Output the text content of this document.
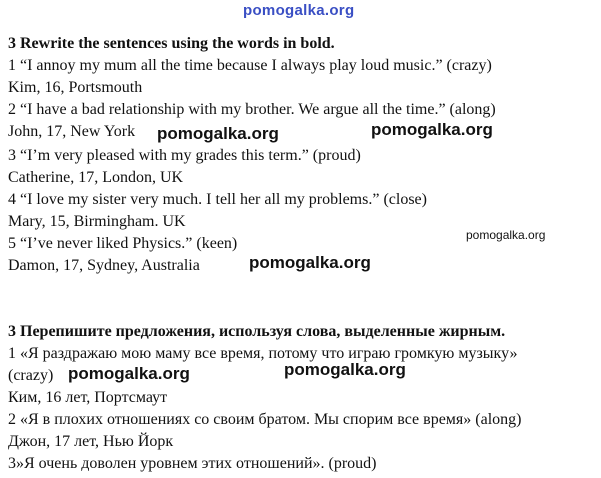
pomogalka.org
3 Rewrite the sentences using the words in bold.
1 “I annoy my mum all the time because I always play loud music.” (crazy)
Kim, 16, Portsmouth
2 “I have a bad relationship with my brother. We argue all the time.” (along)
John, 17, New York
3 “I’m very pleased with my grades this term.” (proud)
Catherine, 17, London, UK
4 “I love my sister very much. I tell her all my problems.” (close)
Mary, 15, Birmingham. UK
5 “I’ve never liked Physics.” (keen)
Damon, 17, Sydney, Australia
pomogalka.org	pomogalka.org
pomogalka.org
pomogalka.org
3 Перепишите предложения, используя слова, выделенные жирным.
1 «Я раздражаю мою маму все время, потому что играю громкую музыку»
(crazy)
Ким, 16 лет, Портсмаут
2 «Я в плохих отношениях со своим братом. Мы спорим все время» (along)
Джон, 17 лет, Нью Йорк
3»Я очень доволен уровнем этих отношений». (proud)
pomogalka.org	pomogalka.org
